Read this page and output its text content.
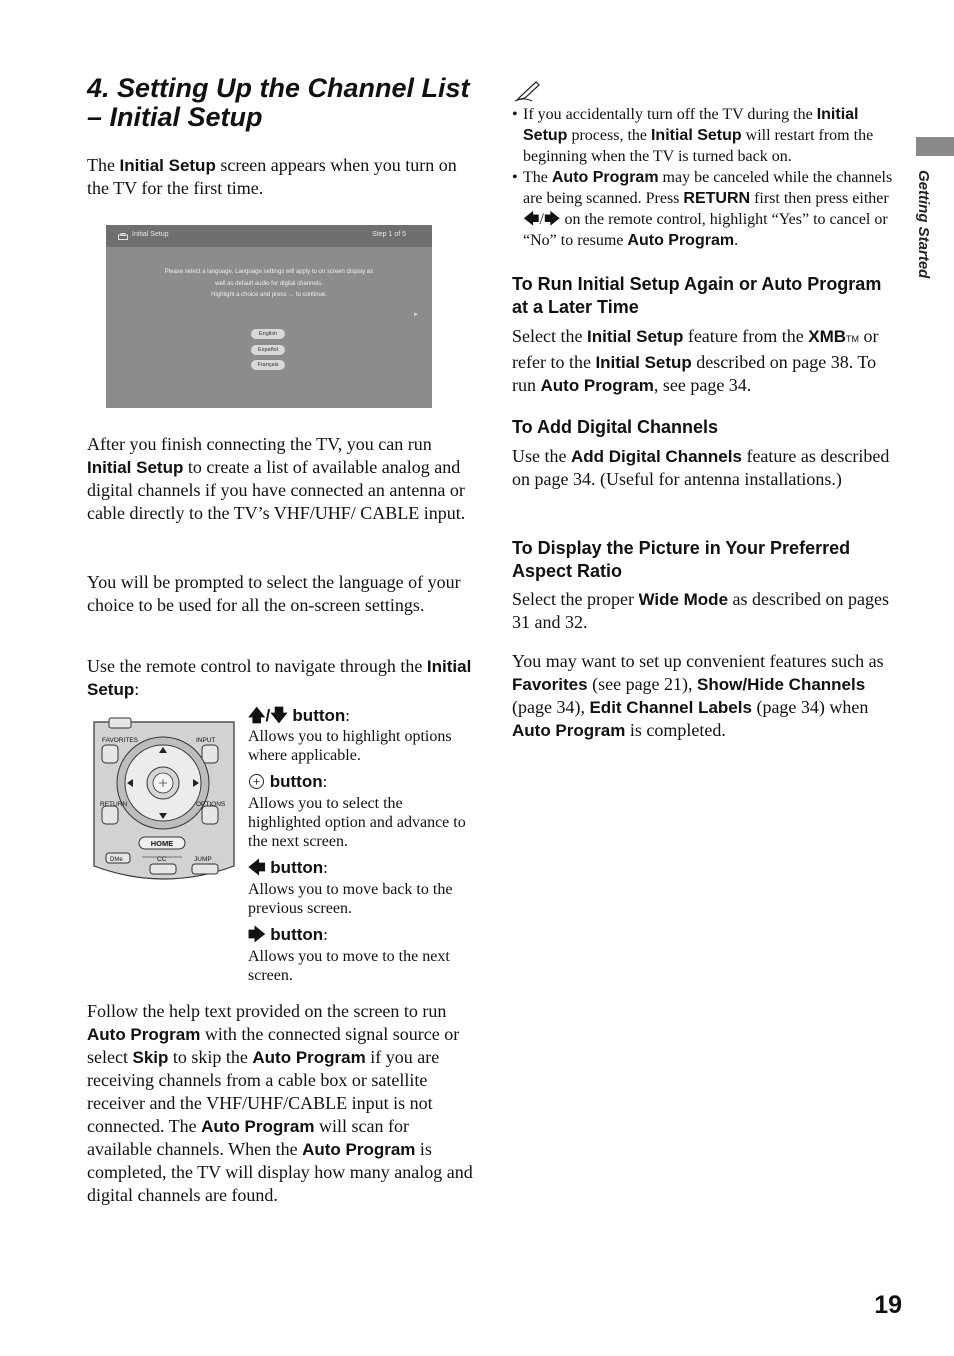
4. Setting Up the Channel List – Initial Setup

The Initial Setup screen appears when you turn on the TV for the first time.

Initial Setup	Step 1 of 5
Please select a language. Language settings will apply to on screen display as
well as default audio for digital channels.
Highlight a choice and press → to continue.
►
English
Español
Français

After you finish connecting the TV, you can run Initial Setup to create a list of available analog and digital channels if you have connected an antenna or cable directly to the TV’s VHF/UHF/ CABLE input.

You will be prompted to select the language of your choice to be used for all the on-screen settings.

Use the remote control to navigate through the Initial Setup:

FAVORITES	INPUT
RETURN	OPTIONS
HOME
DMe	CC	JUMP

🡅/🡇 button:

Allows you to highlight options where applicable.

button:

Allows you to select the highlighted option and advance to the next screen.

🡄 button:

Allows you to move back to the previous screen.

🡆 button:

Allows you to move to the next screen.

Follow the help text provided on the screen to run Auto Program with the connected signal source or select Skip to skip the Auto Program if you are receiving channels from a cable box or satellite receiver and the VHF/UHF/CABLE input is not connected. The Auto Program will scan for available channels. When the Auto Program is completed, the TV will display how many analog and digital channels are found.

• If you accidentally turn off the TV during the Initial Setup process, the Initial Setup will restart from the beginning when the TV is turned back on.
• The Auto Program may be canceled while the channels are being scanned. Press RETURN first then press either 🡄/🡆 on the remote control, highlight “Yes” to cancel or “No” to resume Auto Program.
To Run Initial Setup Again or Auto Program at a Later Time

Select the Initial Setup feature from the XMBTM or refer to the Initial Setup described on page 38. To run Auto Program, see page 34.

To Add Digital Channels

Use the Add Digital Channels feature as described on page 34. (Useful for antenna installations.)

To Display the Picture in Your Preferred Aspect Ratio

Select the proper Wide Mode as described on pages 31 and 32.

You may want to set up convenient features such as Favorites (see page 21), Show/Hide Channels (page 34), Edit Channel Labels (page 34) when Auto Program is completed.

Getting Started
19
